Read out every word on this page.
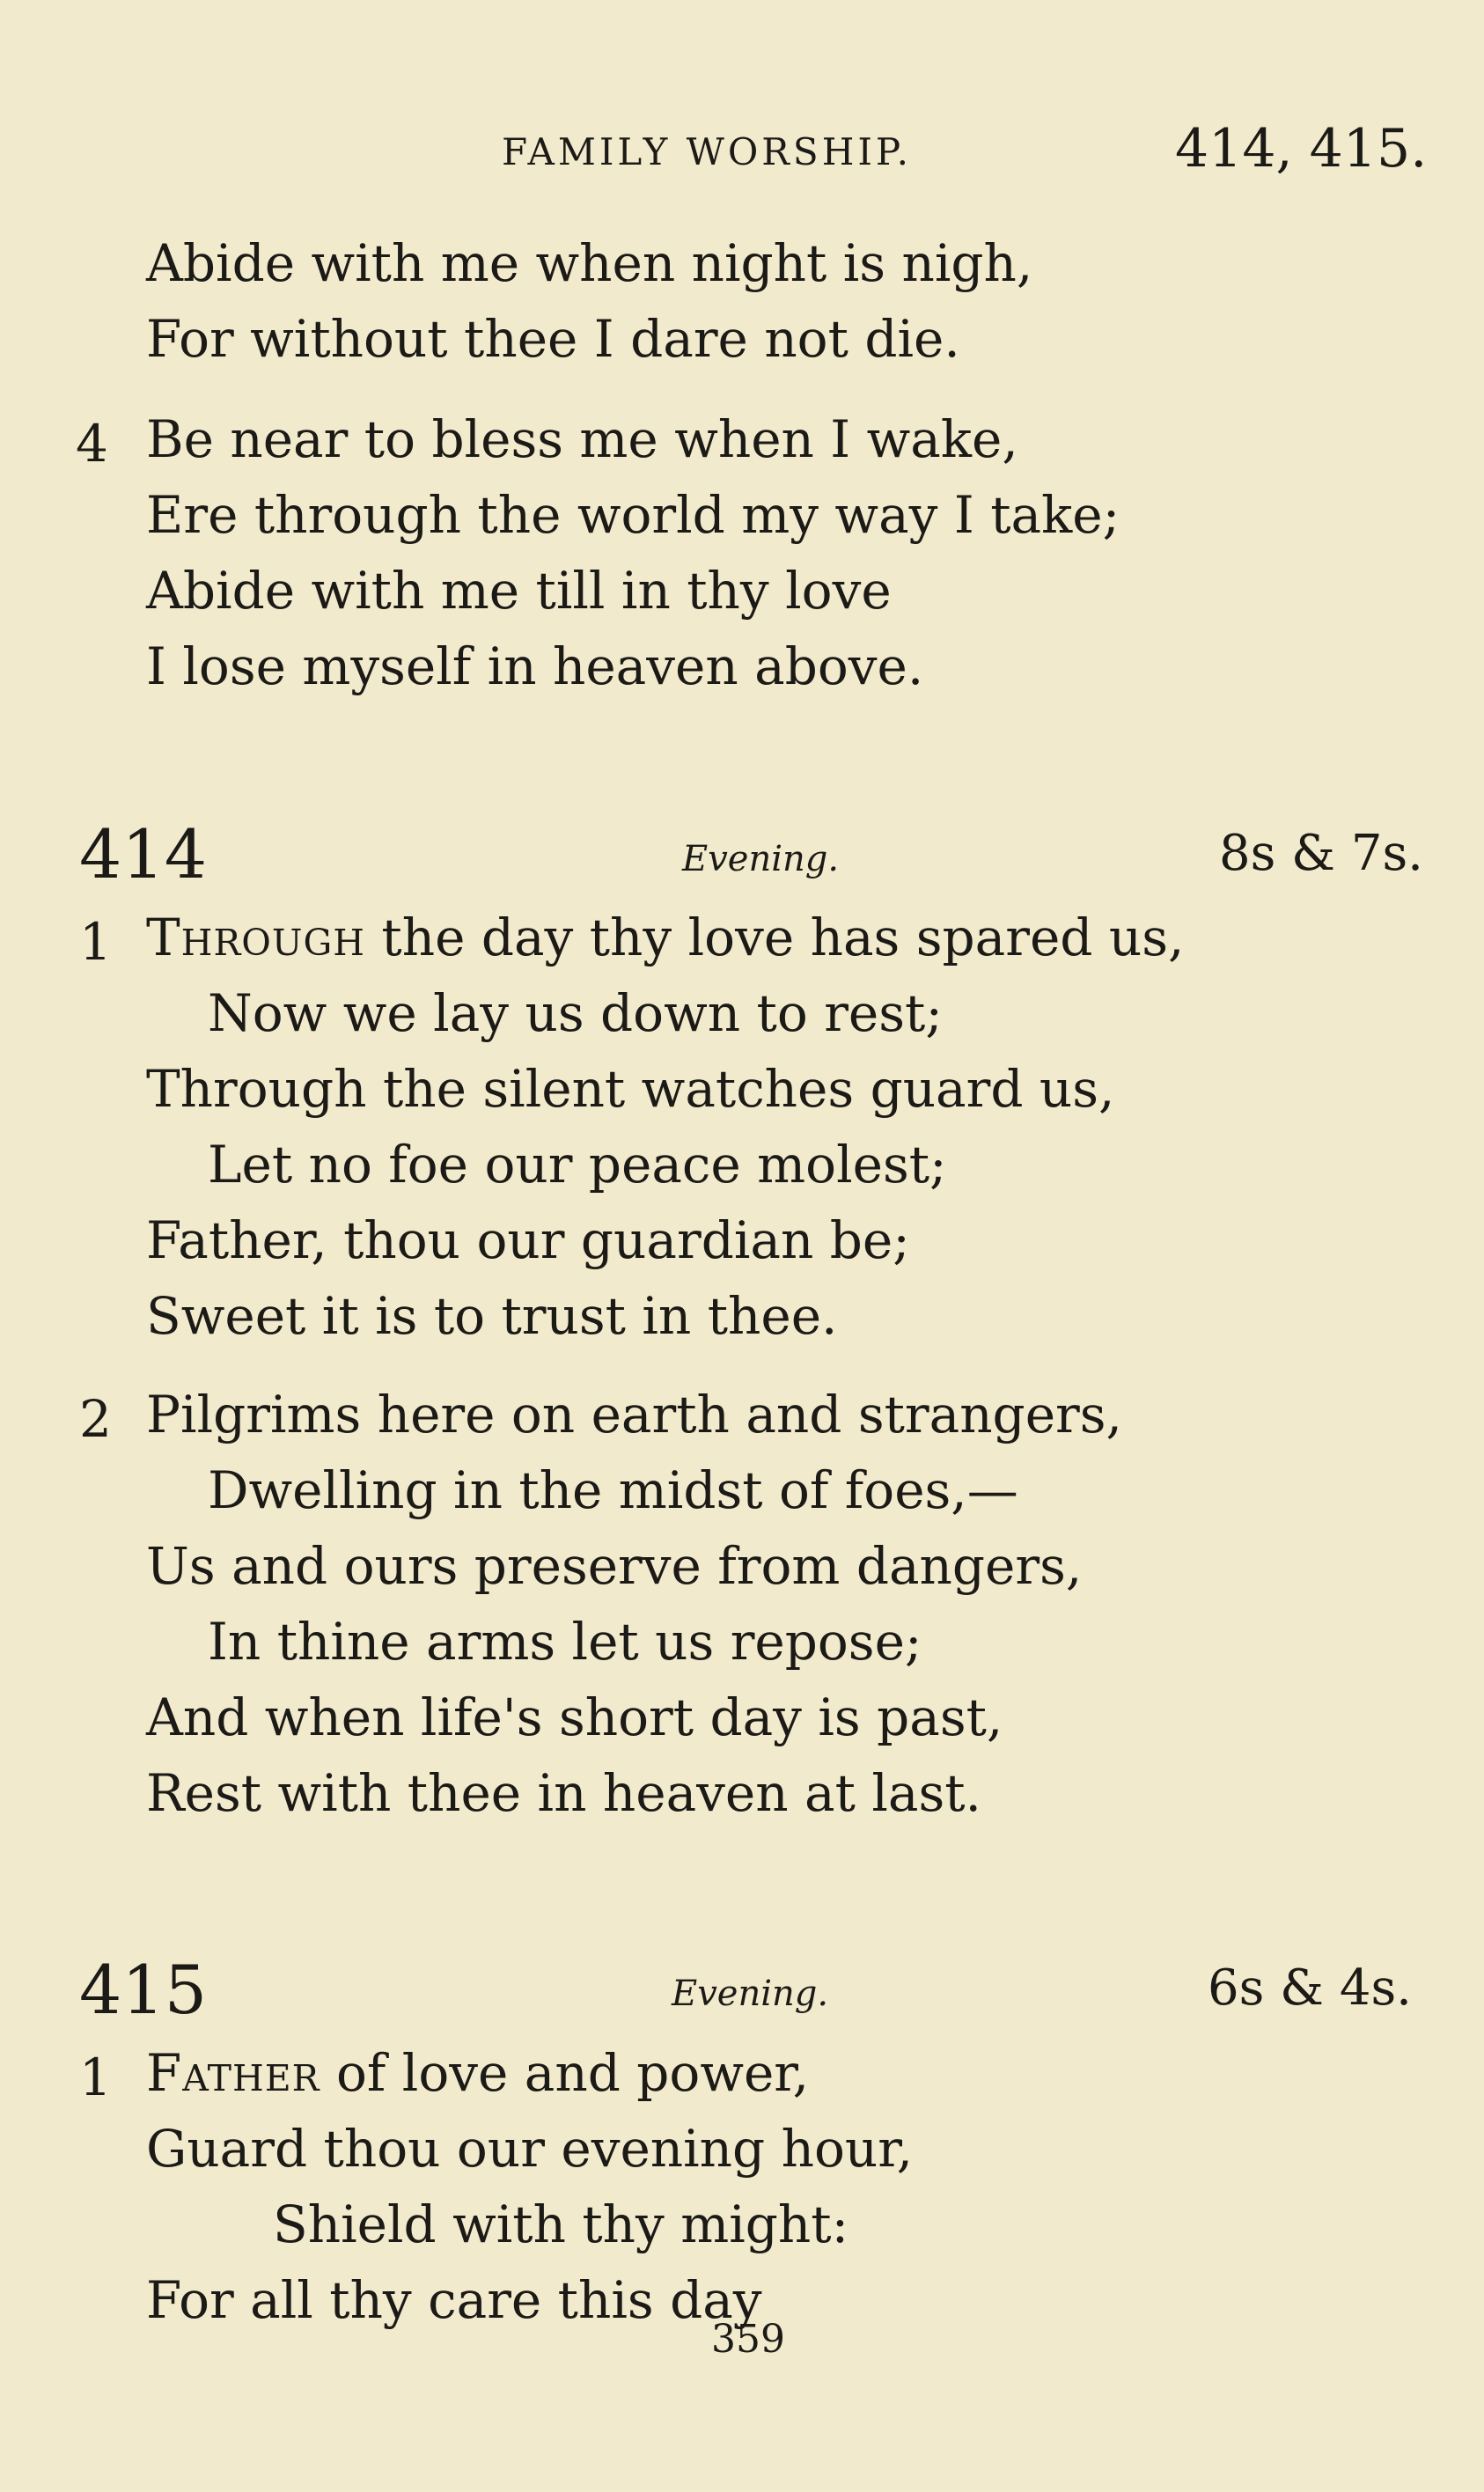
FAMILY WORSHIP.	414, 415.
Abide with me when night is nigh,
For without thee I dare not die.
4 Be near to bless me when I wake,
Ere through the world my way I take;
Abide with me till in thy love
I lose myself in heaven above.
414	Evening.	8s & 7s.
1 Through the day thy love has spared us,
Now we lay us down to rest;
Through the silent watches guard us,
Let no foe our peace molest;
Father, thou our guardian be;
Sweet it is to trust in thee.
2 Pilgrims here on earth and strangers,
Dwelling in the midst of foes,—
Us and ours preserve from dangers,
In thine arms let us repose;
And when life's short day is past,
Rest with thee in heaven at last.
415	Evening.	6s & 4s.
1 Father of love and power,
Guard thou our evening hour,
Shield with thy might:
For all thy care this day
359
